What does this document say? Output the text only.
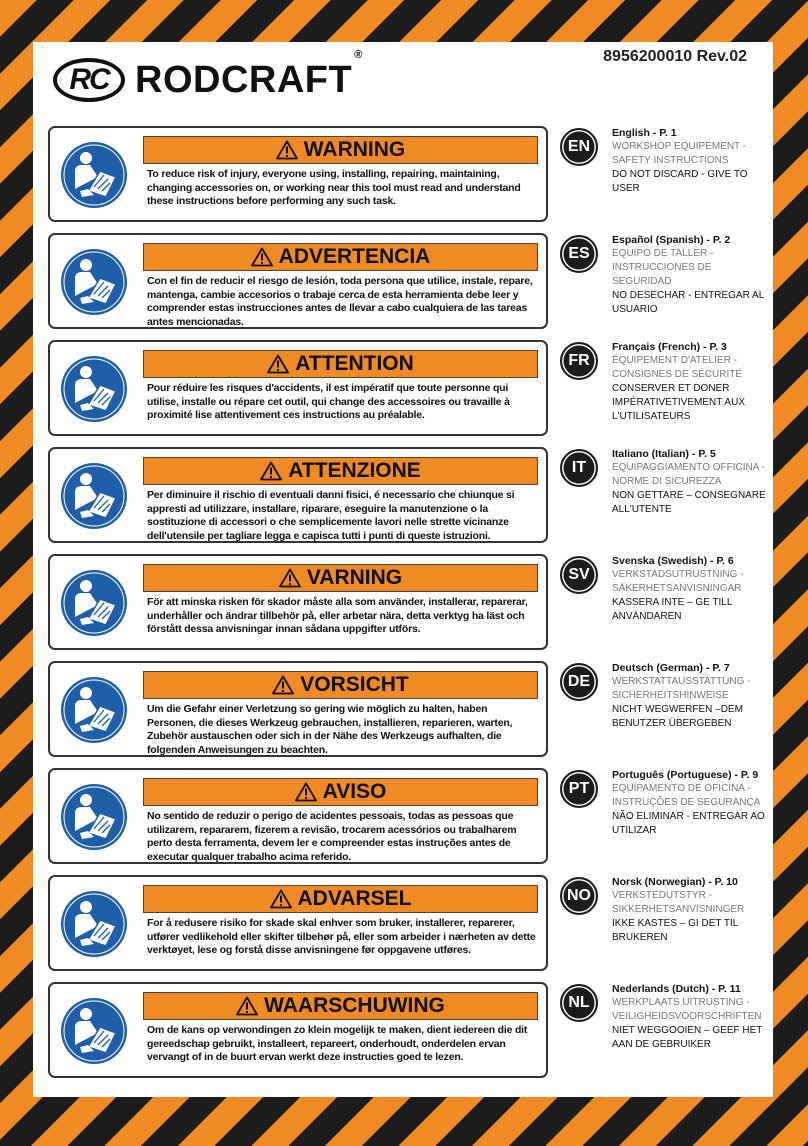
RC RODCRAFT®	8956200010 Rev.02
WARNING
To reduce risk of injury, everyone using, installing, repairing, maintaining, changing accessories on, or working near this tool must read and understand these instructions before performing any such task.
EN
English - P. 1
WORKSHOP EQUIPEMENT - SAFETY INSTRUCTIONS
DO NOT DISCARD - GIVE TO USER
ADVERTENCIA
Con el fin de reducir el riesgo de lesión, toda persona que utilice, instale, repare, mantenga, cambie accesorios o trabaje cerca de esta herramienta debe leer y comprender estas instrucciones antes de llevar a cabo cualquiera de las tareas antes mencionadas.
ES
Español (Spanish) - P. 2
EQUIPO DE TALLER - INSTRUCCIONES DE SEGURIDAD
NO DESECHAR - ENTREGAR AL USUARIO
ATTENTION
Pour réduire les risques d'accidents, il est impératif que toute personne qui utilise, installe ou répare cet outil, qui change des accessoires ou travaille à proximité lise attentivement ces instructions au préalable.
FR
Français (French) - P. 3
ÉQUIPEMENT D'ATELIER - CONSIGNES DE SÉCURITÉ
CONSERVER ET DONER IMPÉRATIVETIVEMENT AUX L'UTILISATEURS
ATTENZIONE
Per diminuire il rischio di eventuali danni fisici, é necessario che chiunque si appresti ad utilizzare, installare, riparare, eseguire la manutenzione o la sostituzione di accessori o che semplicemente lavori nelle strette vicinanze dell'utensile per tagliare legga e capisca tutti i punti di queste istruzioni.
IT
Italiano (Italian) - P. 5
EQUIPAGGIAMENTO OFFICINA - NORME DI SICUREZZA
NON GETTARE – CONSEGNARE ALL'UTENTE
VARNING
För att minska risken för skador måste alla som använder, installerar, reparerar, underhåller och ändrar tillbehör på, eller arbetar nära, detta verktyg ha läst och förstått dessa anvisningar innan sådana uppgifter utförs.
SV
Svenska (Swedish) - P. 6
VERKSTADSUTRUSTNING - SÄKERHETSANVISNINGAR
KASSERA INTE – GE TILL ANVÄNDAREN
VORSICHT
Um die Gefahr einer Verletzung so gering wie möglich zu halten, haben Personen, die dieses Werkzeug gebrauchen, installieren, reparieren, warten, Zubehör austauschen oder sich in der Nähe des Werkzeugs aufhalten, die folgenden Anweisungen zu beachten.
DE
Deutsch (German) - P. 7
WERKSTATTAUSSTATTUNG - SICHERHEITSHINWEISE
NICHT WEGWERFEN –DEM BENUTZER ÜBERGEBEN
AVISO
No sentido de reduzir o perigo de acidentes pessoais, todas as pessoas que utilizarem, repararem, fizerem a revisão, trocarem acessórios ou trabalharem perto desta ferramenta, devem ler e compreender estas instruções antes de executar qualquer trabalho acima referido.
PT
Português (Portuguese) - P. 9
EQUIPAMENTO DE OFICINA - INSTRUÇÕES DE SEGURANÇA
NÃO ELIMINAR - ENTREGAR AO UTILIZAR
ADVARSEL
For å redusere risiko for skade skal enhver som bruker, installerer, reparerer, utfører vedlikehold eller skifter tilbehør på, eller som arbeider i nærheten av dette verktøyet, lese og forstå disse anvisningene før oppgavene utføres.
NO
Norsk (Norwegian) - P. 10
VERKSTEDUTSTYR - SIKKERHETSANVISNINGER
IKKE KASTES – GI DET TIL BRUKEREN
WAARSCHUWING
Om de kans op verwondingen zo klein mogelijk te maken, dient iedereen die dit gereedschap gebruikt, installeert, repareert, onderhoudt, onderdelen ervan vervangt of in de buurt ervan werkt deze instructies goed te lezen.
NL
Nederlands (Dutch) - P. 11
WERKPLAATS UITRUSTING - VEILIGHEIDSVOORSCHRIFTEN
NIET WEGGOOIEN – GEEF HET AAN DE GEBRUIKER
